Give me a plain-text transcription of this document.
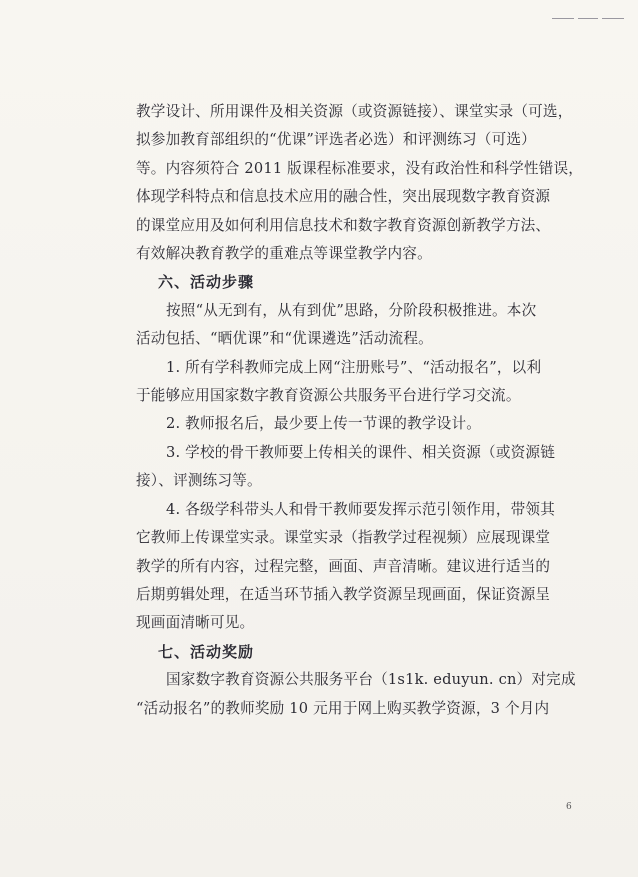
教学设计、所用课件及相关资源（或资源链接）、课堂实录（可选，

拟参加教育部组织的“优课”评选者必选）和评测练习（可选）

等。内容须符合 2011 版课程标准要求，没有政治性和科学性错误，

体现学科特点和信息技术应用的融合性，突出展现数字教育资源

的课堂应用及如何利用信息技术和数字教育资源创新教学方法、

有效解决教育教学的重难点等课堂教学内容。

六、活动步骤

按照“从无到有，从有到优”思路，分阶段积极推进。本次

活动包括、“晒优课”和“优课遴选”活动流程。

1. 所有学科教师完成上网“注册账号”、“活动报名”，以利

于能够应用国家数字教育资源公共服务平台进行学习交流。

2. 教师报名后，最少要上传一节课的教学设计。

3. 学校的骨干教师要上传相关的课件、相关资源（或资源链

接）、评测练习等。

4. 各级学科带头人和骨干教师要发挥示范引领作用，带领其

它教师上传课堂实录。课堂实录（指教学过程视频）应展现课堂

教学的所有内容，过程完整，画面、声音清晰。建议进行适当的

后期剪辑处理，在适当环节插入教学资源呈现画面，保证资源呈

现画面清晰可见。

七、活动奖励

国家数字教育资源公共服务平台（1s1k. eduyun. cn）对完成

“活动报名”的教师奖励 10 元用于网上购买教学资源，3 个月内

6
